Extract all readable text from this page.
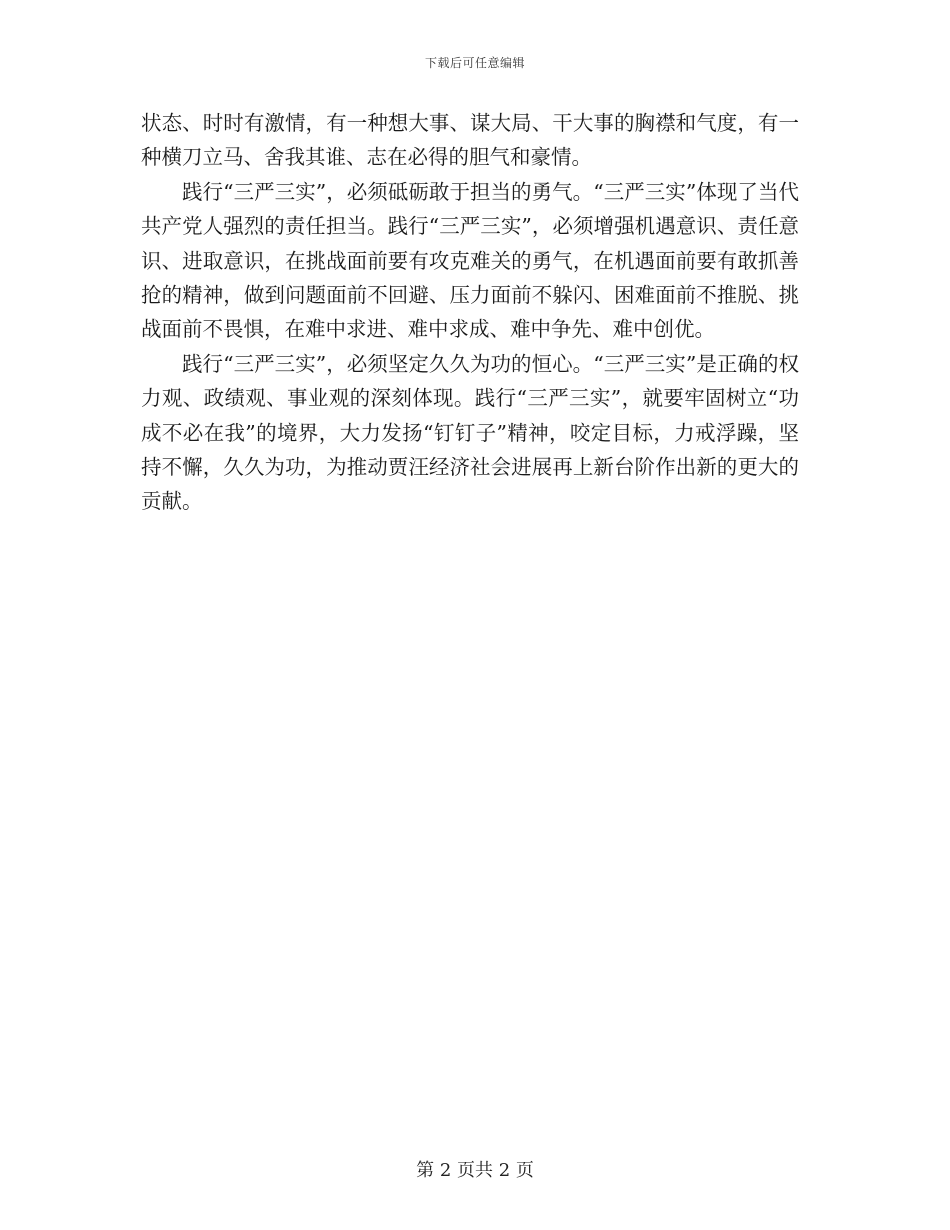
下载后可任意编辑

状态、时时有激情，有一种想大事、谋大局、干大事的胸襟和气度，有一种横刀立马、舍我其谁、志在必得的胆气和豪情。

践行“三严三实”，必须砥砺敢于担当的勇气。“三严三实”体现了当代共产党人强烈的责任担当。践行“三严三实”，必须增强机遇意识、责任意识、进取意识，在挑战面前要有攻克难关的勇气，在机遇面前要有敢抓善抢的精神，做到问题面前不回避、压力面前不躲闪、困难面前不推脱、挑战面前不畏惧，在难中求进、难中求成、难中争先、难中创优。

践行“三严三实”，必须坚定久久为功的恒心。“三严三实”是正确的权力观、政绩观、事业观的深刻体现。践行“三严三实”，就要牢固树立“功成不必在我”的境界，大力发扬“钉钉子”精神，咬定目标，力戒浮躁，坚持不懈，久久为功，为推动贾汪经济社会进展再上新台阶作出新的更大的贡献。

第 2 页共 2 页
